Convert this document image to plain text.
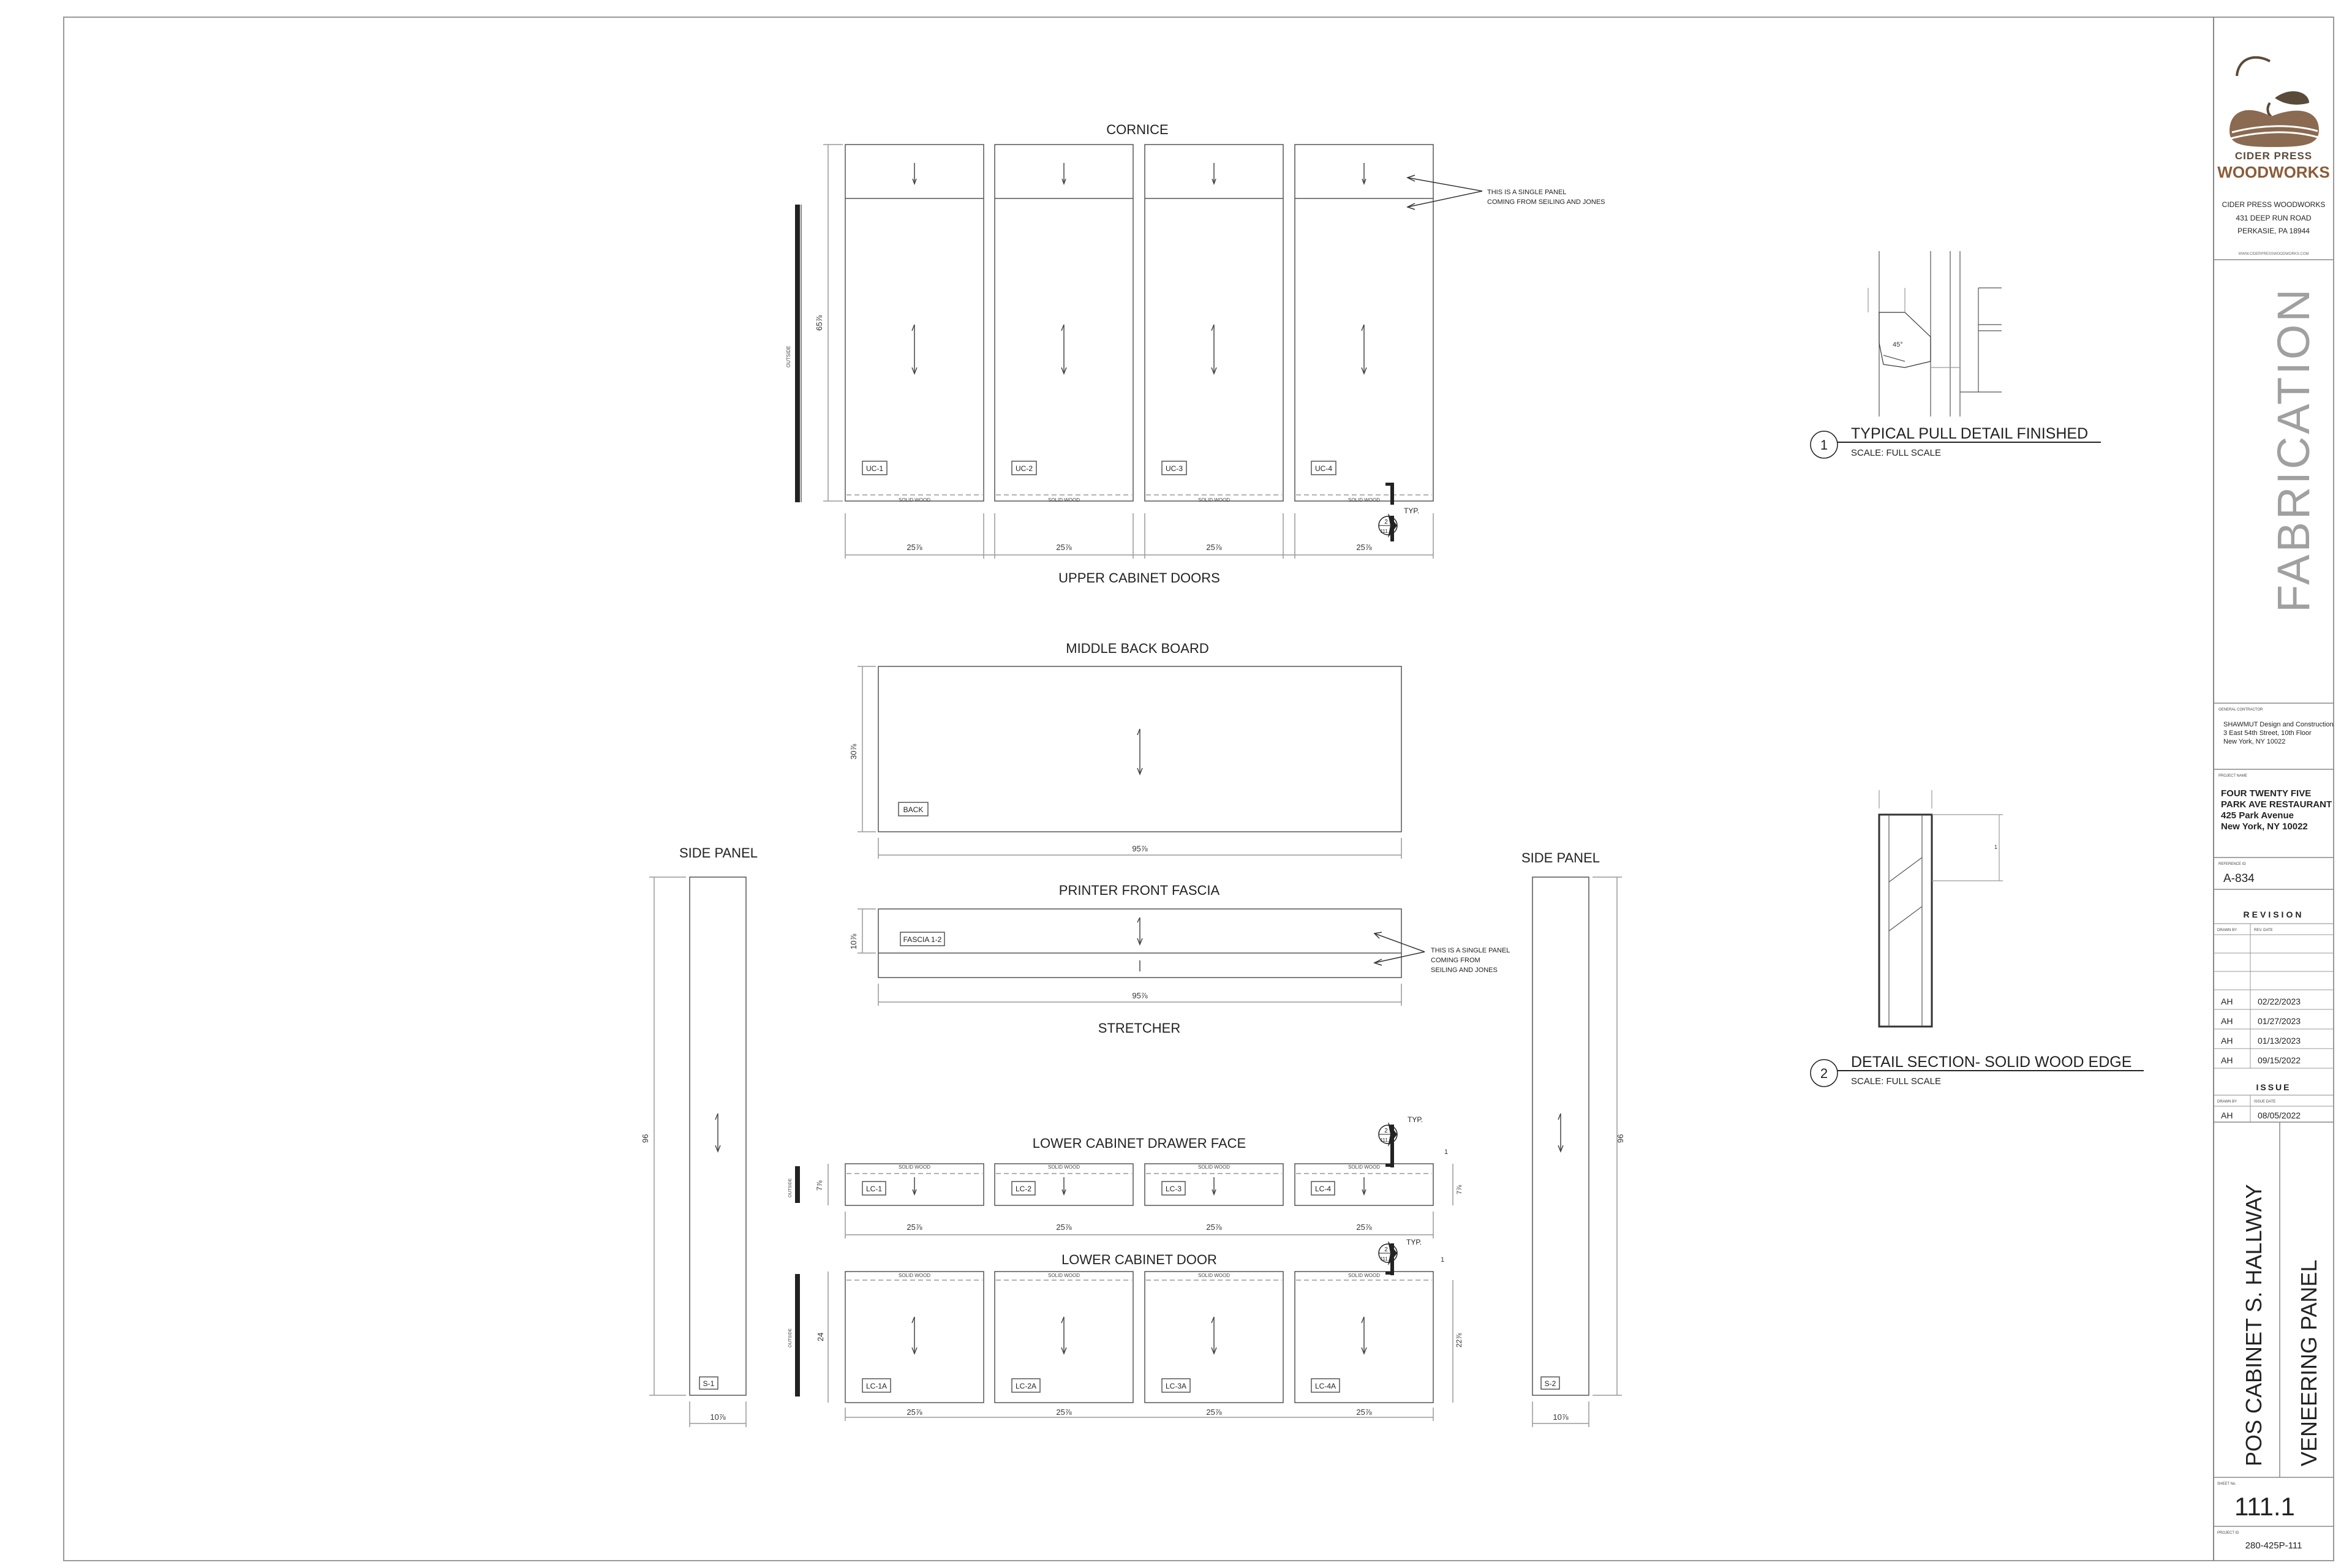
CORNICE
OUTSIDE
65⅞
UC-1	UC-2	UC-3	UC-4
SOLID WOOD	SOLID WOOD	SOLID WOOD	SOLID WOOD
25⅞	25⅞	25⅞	25⅞
UPPER CABINET DOORS
THIS IS A SINGLE PANEL
COMING FROM SEILING AND JONES
2
111.1
TYP.
MIDDLE BACK BOARD
BACK
30⅞
95⅞
PRINTER FRONT FASCIA
FASCIA 1-2
10⅞
95⅞
STRETCHER
THIS IS A SINGLE PANEL
COMING FROM
SEILING AND JONES
SIDE PANEL
S-1
96
10⅞
SIDE PANEL
S-2
96
10⅞
LOWER CABINET DRAWER FACE
OUTSIDE	7⅞	7⅞
1
SOLID WOOD	SOLID WOOD	SOLID WOOD	SOLID WOOD
LC-1	LC-2	LC-3	LC-4
25⅞	25⅞	25⅞	25⅞
2
111.1
TYP.
LOWER CABINET DOOR
OUTSIDE	24	22⅞
1
SOLID WOOD	SOLID WOOD	SOLID WOOD	SOLID WOOD
LC-1A	LC-2A	LC-3A	LC-4A
25⅞	25⅞	25⅞	25⅞
2
111.1
TYP.
45°
1
TYPICAL PULL DETAIL FINISHED
SCALE: FULL SCALE
1
2
DETAIL SECTION- SOLID WOOD EDGE
SCALE: FULL SCALE
CIDER PRESS
WOODWORKS
CIDER PRESS WOODWORKS
431 DEEP RUN ROAD
PERKASIE, PA 18944
WWW.CIDERPRESSWOODWORKS.COM
FABRICATION
GENERAL CONTRACTOR
SHAWMUT Design and Construction
3 East 54th Street, 10th Floor
New York, NY 10022
PROJECT NAME
FOUR TWENTY FIVE
PARK AVE RESTAURANT
425 Park Avenue
New York, NY 10022
REFERENCE ID
A-834
REVISION
DRAWN BY	REV. DATE
AH	02/22/2023
AH	01/27/2023
AH	01/13/2023
AH	09/15/2022
ISSUE
DRAWN BY	ISSUE DATE
AH	08/05/2022
POS CABINET S. HALLWAY VENEERING PANEL
SHEET No.
111.1
PROJECT ID
280-425P-111
